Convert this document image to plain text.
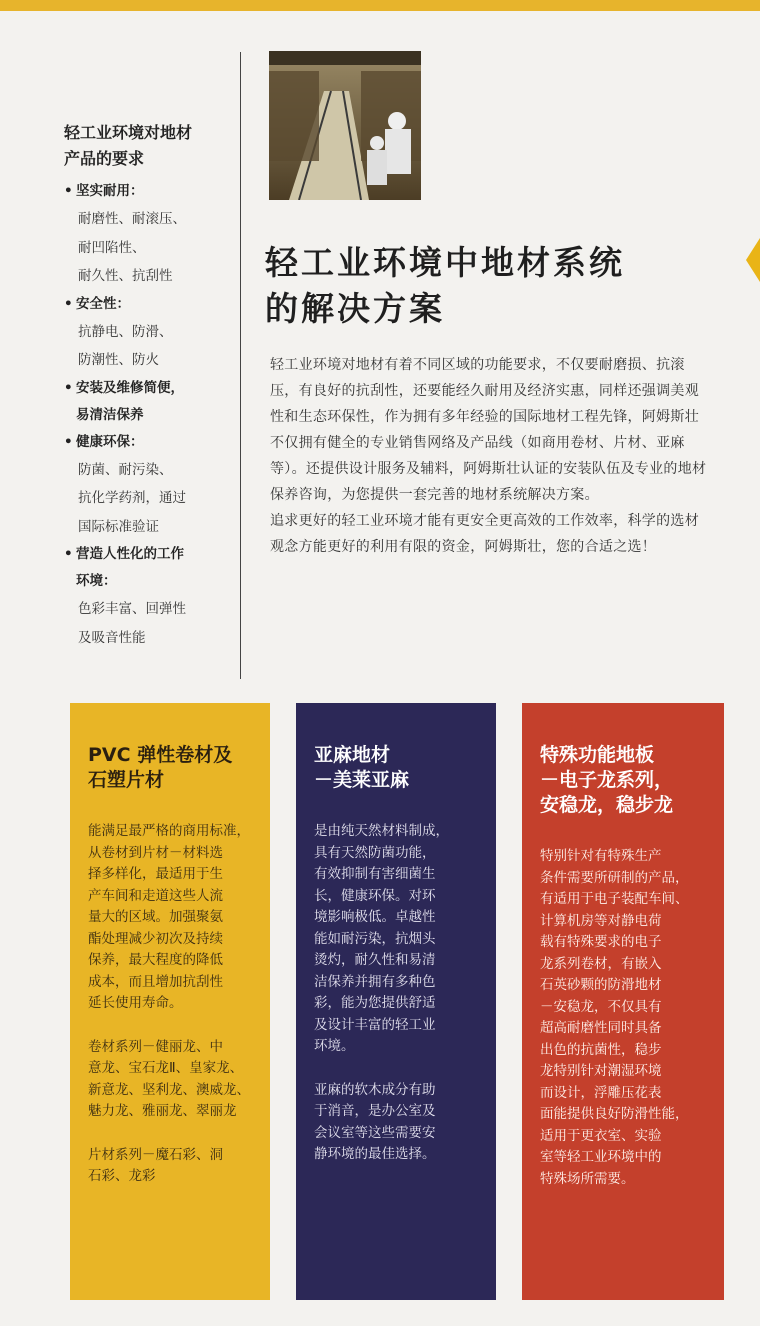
轻工业环境对地材
产品的要求
• 坚实耐用：
耐磨性、耐滚压、
耐凹陷性、
耐久性、抗刮性
• 安全性：
抗静电、防滑、
防潮性、防火
• 安装及维修简便，
易清洁保养
• 健康环保：
防菌、耐污染、
抗化学药剂，通过
国际标准验证
• 营造人性化的工作
环境：
色彩丰富、回弹性
及吸音性能
轻工业环境中地材系统
的解决方案

轻工业环境对地材有着不同区域的功能要求，不仅要耐磨损、抗滚压，有良好的抗刮性，还要能经久耐用及经济实惠，同样还强调美观性和生态环保性，作为拥有多年经验的国际地材工程先锋，阿姆斯壮不仅拥有健全的专业销售网络及产品线（如商用卷材、片材、亚麻等）。还提供设计服务及辅料，阿姆斯壮认证的安装队伍及专业的地材保养咨询，为您提供一套完善的地材系统解决方案。

追求更好的轻工业环境才能有更安全更高效的工作效率，科学的选材观念方能更好的利用有限的资金，阿姆斯壮，您的合适之选！

PVC 弹性卷材及
石塑片材

能满足最严格的商用标准，
从卷材到片材－材料选
择多样化，最适用于生
产车间和走道这些人流
量大的区域。加强聚氨
酯处理减少初次及持续
保养，最大程度的降低
成本，而且增加抗刮性
延长使用寿命。

卷材系列－健丽龙、中
意龙、宝石龙Ⅱ、皇家龙、
新意龙、坚利龙、澳威龙、
魅力龙、雅丽龙、翠丽龙

片材系列－魔石彩、洞
石彩、龙彩

亚麻地材
－美莱亚麻

是由纯天然材料制成，
具有天然防菌功能，
有效抑制有害细菌生
长，健康环保。对环
境影响极低。卓越性
能如耐污染，抗烟头
烫灼，耐久性和易清
洁保养并拥有多种色
彩，能为您提供舒适
及设计丰富的轻工业
环境。

亚麻的软木成分有助
于消音，是办公室及
会议室等这些需要安
静环境的最佳选择。

特殊功能地板
－电子龙系列，
安稳龙，稳步龙

特别针对有特殊生产
条件需要所研制的产品，
有适用于电子装配车间、
计算机房等对静电荷
载有特殊要求的电子
龙系列卷材，有嵌入
石英砂颗的防滑地材
－安稳龙，不仅具有
超高耐磨性同时具备
出色的抗菌性，稳步
龙特别针对潮湿环境
而设计，浮雕压花表
面能提供良好防滑性能，
适用于更衣室、实验
室等轻工业环境中的
特殊场所需要。
